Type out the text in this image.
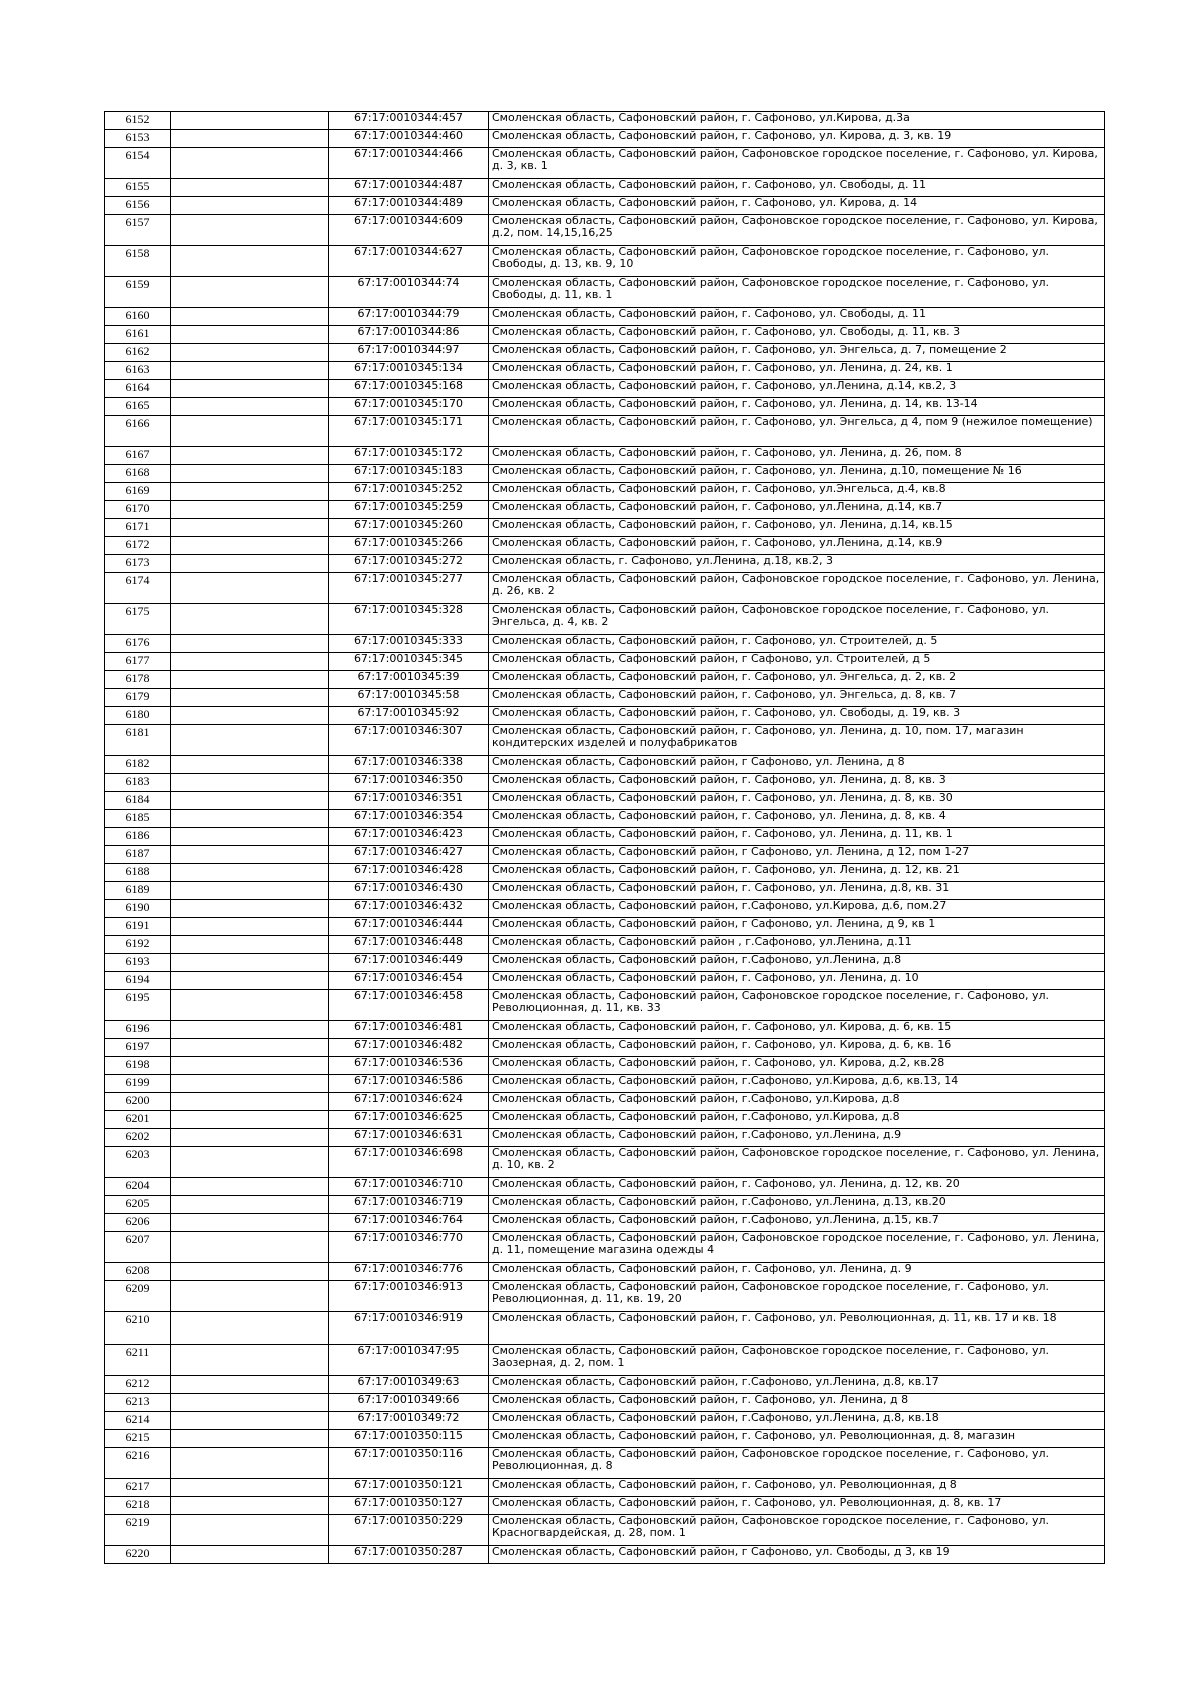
6152		67:17:0010344:457	Смоленская область, Сафоновский район, г. Сафоново, ул.Кирова, д.3а
6153		67:17:0010344:460	Смоленская область, Сафоновский район, г. Сафоново, ул. Кирова, д. 3, кв. 19
6154		67:17:0010344:466	Смоленская область, Сафоновский район, Сафоновское городское поселение, г. Сафоново, ул. Кирова, д. 3, кв. 1
6155		67:17:0010344:487	Смоленская область, Сафоновский район, г. Сафоново, ул. Свободы, д. 11
6156		67:17:0010344:489	Смоленская область, Сафоновский район, г. Сафоново, ул. Кирова, д. 14
6157		67:17:0010344:609	Смоленская область, Сафоновский район, Сафоновское городское поселение, г. Сафоново, ул. Кирова, д.2, пом. 14,15,16,25
6158		67:17:0010344:627	Смоленская область, Сафоновский район, Сафоновское городское поселение, г. Сафоново, ул. Свободы, д. 13, кв. 9, 10
6159		67:17:0010344:74	Смоленская область, Сафоновский район, Сафоновское городское поселение, г. Сафоново, ул. Свободы, д. 11, кв. 1
6160		67:17:0010344:79	Смоленская область, Сафоновский район, г. Сафоново, ул. Свободы, д. 11
6161		67:17:0010344:86	Смоленская область, Сафоновский район, г. Сафоново, ул. Свободы, д. 11, кв. 3
6162		67:17:0010344:97	Смоленская область, Сафоновский район, г. Сафоново, ул. Энгельса, д. 7, помещение 2
6163		67:17:0010345:134	Смоленская область, Сафоновский район, г. Сафоново, ул. Ленина, д. 24, кв. 1
6164		67:17:0010345:168	Смоленская область, Сафоновский район, г. Сафоново, ул.Ленина, д.14, кв.2, 3
6165		67:17:0010345:170	Смоленская область, Сафоновский район, г. Сафоново, ул. Ленина, д. 14, кв. 13-14
6166		67:17:0010345:171	Смоленская область, Сафоновский район, г. Сафоново, ул. Энгельса, д 4, пом 9 (нежилое помещение)
6167		67:17:0010345:172	Смоленская область, Сафоновский район, г. Сафоново, ул. Ленина, д. 26, пом. 8
6168		67:17:0010345:183	Смоленская область, Сафоновский район, г. Сафоново, ул. Ленина, д.10, помещение № 16
6169		67:17:0010345:252	Смоленская область, Сафоновский район, г. Сафоново, ул.Энгельса, д.4, кв.8
6170		67:17:0010345:259	Смоленская область, Сафоновский район, г. Сафоново, ул.Ленина, д.14, кв.7
6171		67:17:0010345:260	Смоленская область, Сафоновский район, г. Сафоново, ул. Ленина, д.14, кв.15
6172		67:17:0010345:266	Смоленская область, Сафоновский район, г. Сафоново, ул.Ленина, д.14, кв.9
6173		67:17:0010345:272	Смоленская область, г. Сафоново, ул.Ленина, д.18, кв.2, 3
6174		67:17:0010345:277	Смоленская область, Сафоновский район, Сафоновское городское поселение, г. Сафоново, ул. Ленина, д. 26, кв. 2
6175		67:17:0010345:328	Смоленская область, Сафоновский район, Сафоновское городское поселение, г. Сафоново, ул. Энгельса, д. 4, кв. 2
6176		67:17:0010345:333	Смоленская область, Сафоновский район, г. Сафоново, ул. Строителей, д. 5
6177		67:17:0010345:345	Смоленская область, Сафоновский район, г Сафоново, ул. Строителей, д 5
6178		67:17:0010345:39	Смоленская область, Сафоновский район, г. Сафоново, ул. Энгельса, д. 2, кв. 2
6179		67:17:0010345:58	Смоленская область, Сафоновский район, г. Сафоново, ул. Энгельса, д. 8, кв. 7
6180		67:17:0010345:92	Смоленская область, Сафоновский район, г. Сафоново, ул. Свободы, д. 19, кв. 3
6181		67:17:0010346:307	Смоленская область, Сафоновский район, г. Сафоново, ул. Ленина, д. 10, пом. 17, магазин кондитерских изделей и полуфабрикатов
6182		67:17:0010346:338	Смоленская область, Сафоновский район, г Сафоново, ул. Ленина, д 8
6183		67:17:0010346:350	Смоленская область, Сафоновский район, г. Сафоново, ул. Ленина, д. 8, кв. 3
6184		67:17:0010346:351	Смоленская область, Сафоновский район, г. Сафоново, ул. Ленина, д. 8, кв. 30
6185		67:17:0010346:354	Смоленская область, Сафоновский район, г. Сафоново, ул. Ленина, д. 8, кв. 4
6186		67:17:0010346:423	Смоленская область, Сафоновский район, г. Сафоново, ул. Ленина, д. 11, кв. 1
6187		67:17:0010346:427	Смоленская область, Сафоновский район, г Сафоново, ул. Ленина, д 12, пом 1-27
6188		67:17:0010346:428	Смоленская область, Сафоновский район, г. Сафоново, ул. Ленина, д. 12, кв. 21
6189		67:17:0010346:430	Смоленская область, Сафоновский район, г. Сафоново, ул. Ленина, д.8, кв. 31
6190		67:17:0010346:432	Смоленская область, Сафоновский район, г.Сафоново, ул.Кирова, д.6, пом.27
6191		67:17:0010346:444	Смоленская область, Сафоновский район, г Сафоново, ул. Ленина, д 9, кв 1
6192		67:17:0010346:448	Смоленская область, Сафоновский район , г.Сафоново, ул.Ленина, д.11
6193		67:17:0010346:449	Смоленская область, Сафоновский район, г.Сафоново, ул.Ленина, д.8
6194		67:17:0010346:454	Смоленская область, Сафоновский район, г. Сафоново, ул. Ленина, д. 10
6195		67:17:0010346:458	Смоленская область, Сафоновский район, Сафоновское городское поселение, г. Сафоново, ул. Революционная, д. 11, кв. 33
6196		67:17:0010346:481	Смоленская область, Сафоновский район, г. Сафоново, ул. Кирова, д. 6, кв. 15
6197		67:17:0010346:482	Смоленская область, Сафоновский район, г. Сафоново, ул. Кирова, д. 6, кв. 16
6198		67:17:0010346:536	Смоленская область, Сафоновский район, г. Сафоново, ул. Кирова, д.2, кв.28
6199		67:17:0010346:586	Смоленская область, Сафоновский район, г.Сафоново, ул.Кирова, д.6, кв.13, 14
6200		67:17:0010346:624	Смоленская область, Сафоновский район, г.Сафоново, ул.Кирова, д.8
6201		67:17:0010346:625	Смоленская область, Сафоновский район, г.Сафоново, ул.Кирова, д.8
6202		67:17:0010346:631	Смоленская область, Сафоновский район, г.Сафоново, ул.Ленина, д.9
6203		67:17:0010346:698	Смоленская область, Сафоновский район, Сафоновское городское поселение, г. Сафоново, ул. Ленина, д. 10, кв. 2
6204		67:17:0010346:710	Смоленская область, Сафоновский район, г. Сафоново, ул. Ленина, д. 12, кв. 20
6205		67:17:0010346:719	Смоленская область, Сафоновский район, г.Сафоново, ул.Ленина, д.13, кв.20
6206		67:17:0010346:764	Смоленская область, Сафоновский район, г.Сафоново, ул.Ленина, д.15, кв.7
6207		67:17:0010346:770	Смоленская область, Сафоновский район, Сафоновское городское поселение, г. Сафоново, ул. Ленина, д. 11, помещение магазина одежды 4
6208		67:17:0010346:776	Смоленская область, Сафоновский район, г. Сафоново, ул. Ленина, д. 9
6209		67:17:0010346:913	Смоленская область, Сафоновский район, Сафоновское городское поселение, г. Сафоново, ул. Революционная, д. 11, кв. 19, 20
6210		67:17:0010346:919	Смоленская область, Сафоновский район, г. Сафоново, ул. Революционная, д. 11, кв. 17 и кв. 18
6211		67:17:0010347:95	Смоленская область, Сафоновский район, Сафоновское городское поселение, г. Сафоново, ул. Заозерная, д. 2, пом. 1
6212		67:17:0010349:63	Смоленская область, Сафоновский район, г.Сафоново, ул.Ленина, д.8, кв.17
6213		67:17:0010349:66	Смоленская область, Сафоновский район, г. Сафоново, ул. Ленина, д 8
6214		67:17:0010349:72	Смоленская область, Сафоновский район, г.Сафоново, ул.Ленина, д.8, кв.18
6215		67:17:0010350:115	Смоленская область, Сафоновский район, г. Сафоново, ул. Революционная, д. 8, магазин
6216		67:17:0010350:116	Смоленская область, Сафоновский район, Сафоновское городское поселение, г. Сафоново, ул. Революционная, д. 8
6217		67:17:0010350:121	Смоленская область, Сафоновский район, г. Сафоново, ул. Революционная, д 8
6218		67:17:0010350:127	Смоленская область, Сафоновский район, г. Сафоново, ул. Революционная, д. 8, кв. 17
6219		67:17:0010350:229	Смоленская область, Сафоновский район, Сафоновское городское поселение, г. Сафоново, ул. Красногвардейская, д. 28, пом. 1
6220		67:17:0010350:287	Смоленская область, Сафоновский район, г Сафоново, ул. Свободы, д 3, кв 19
